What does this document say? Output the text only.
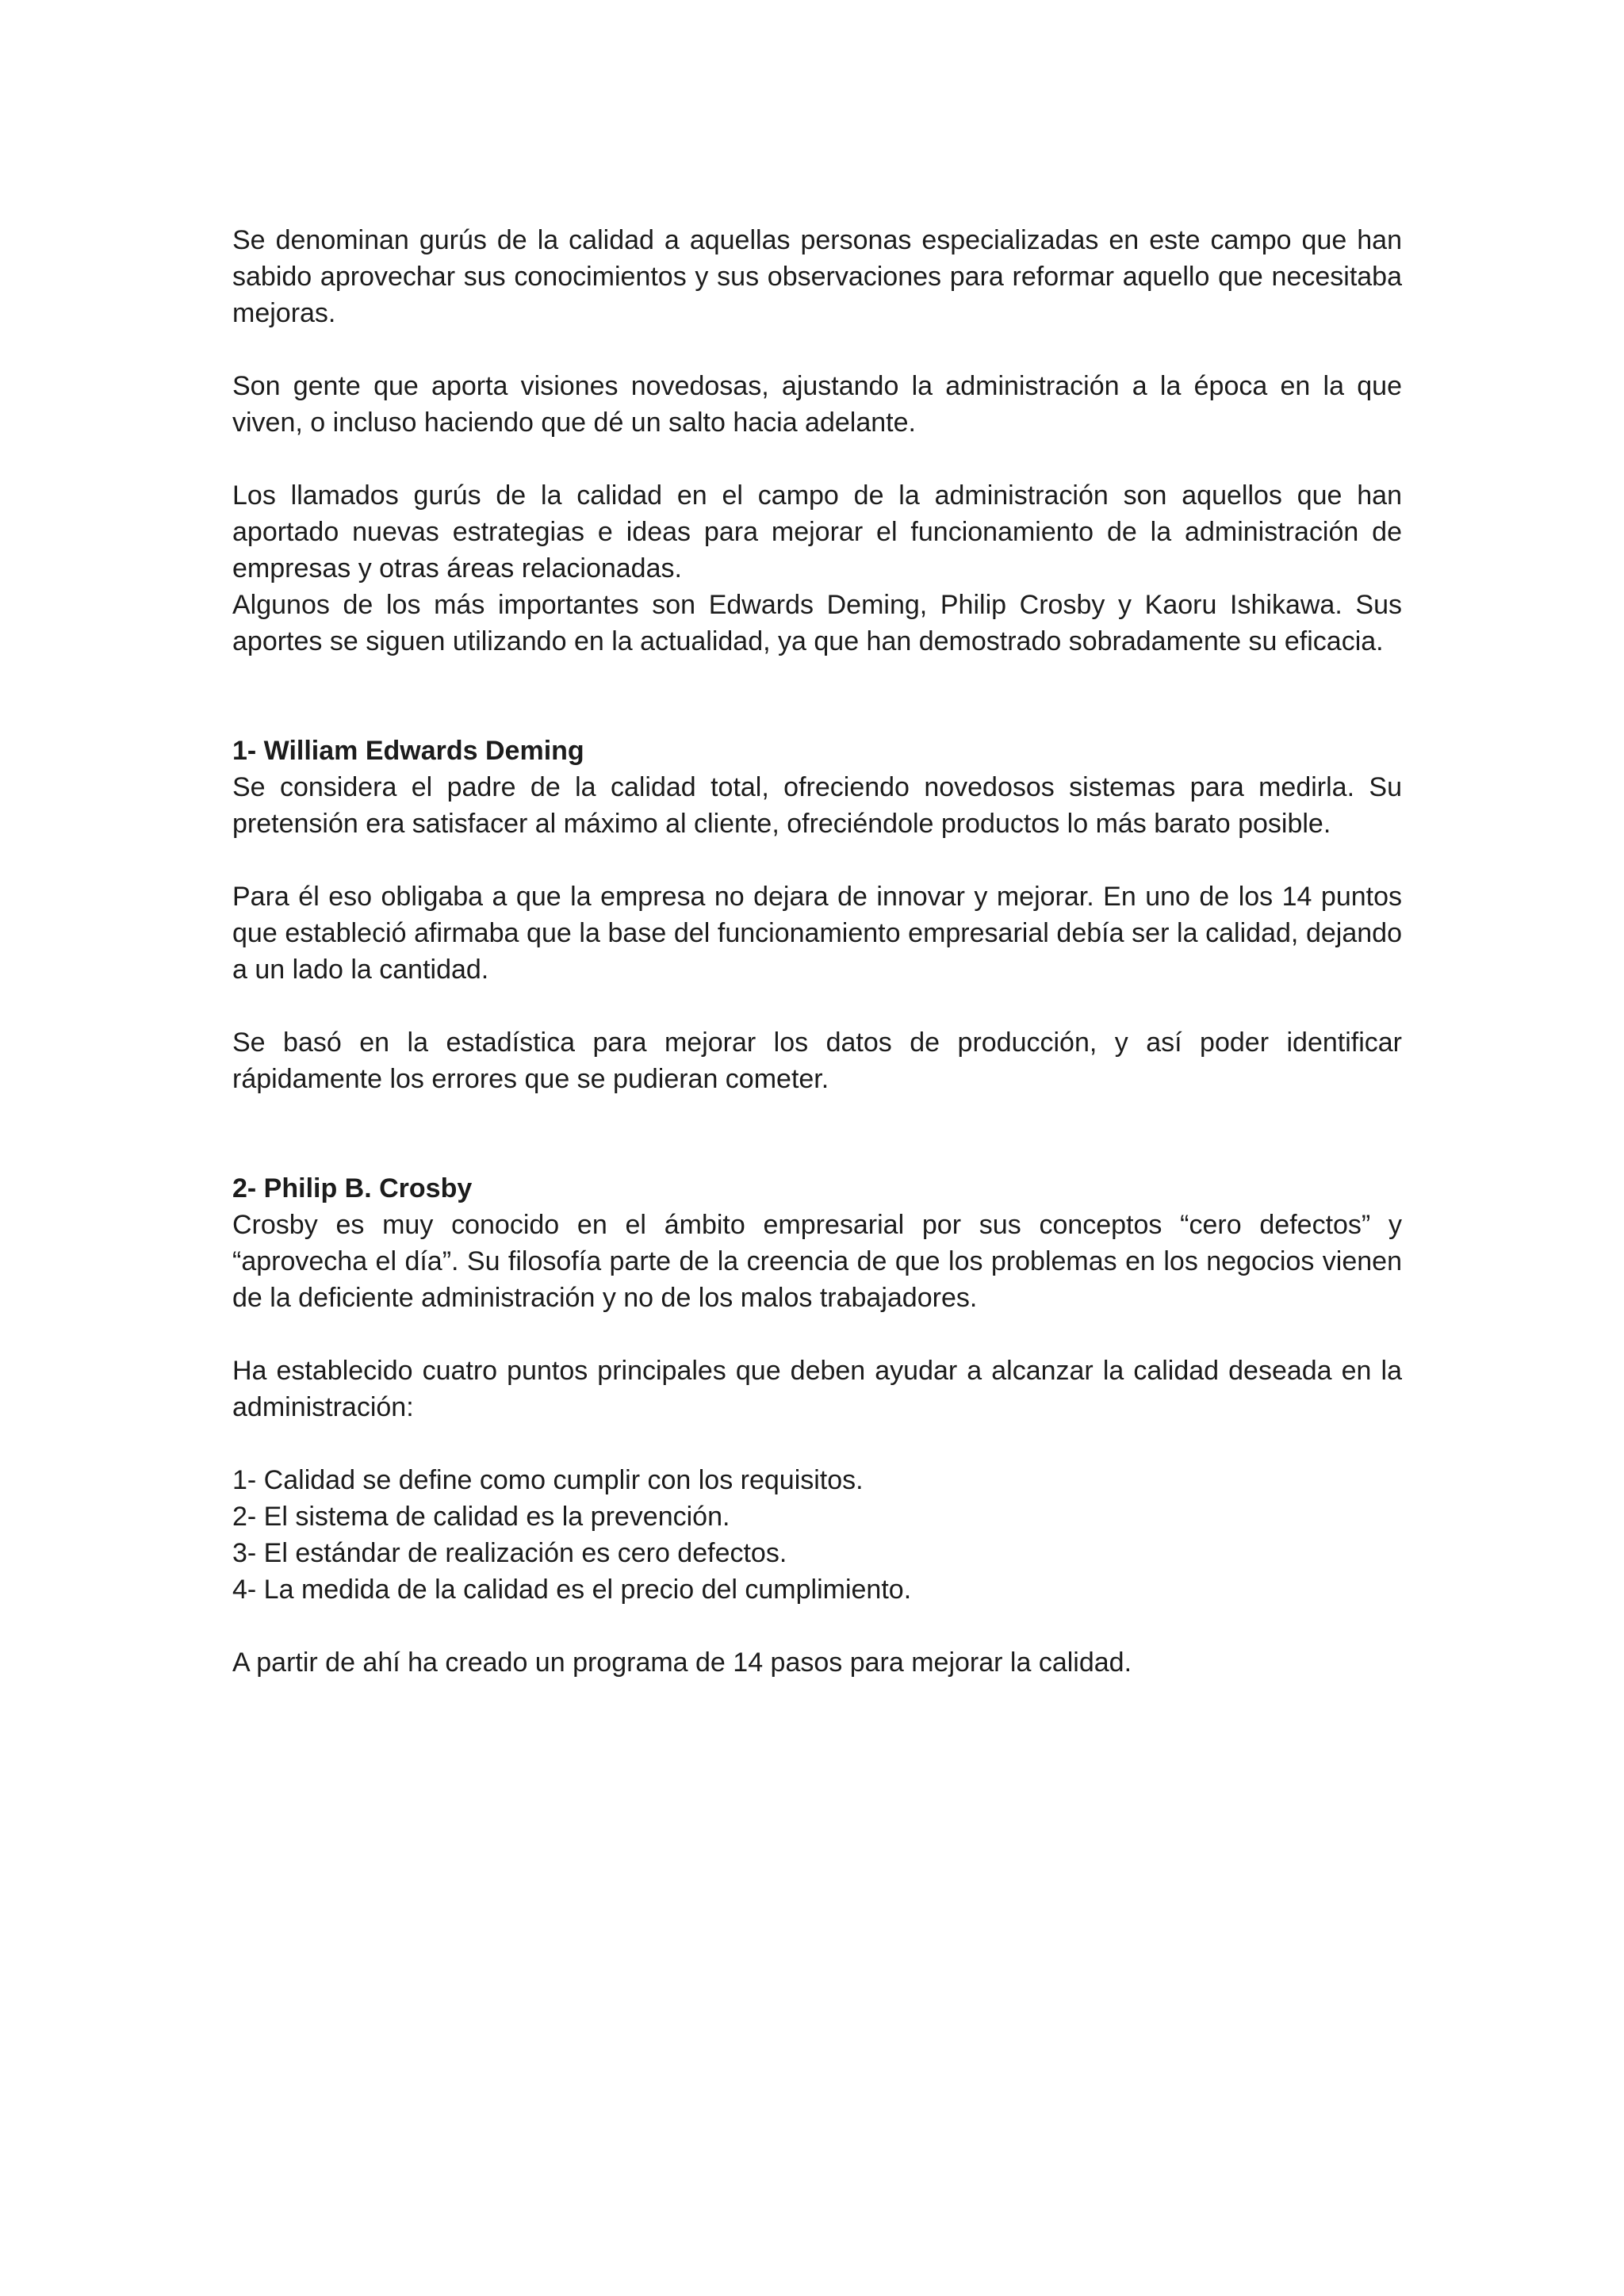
Se denominan gurús de la calidad a aquellas personas especializadas en este campo que han sabido aprovechar sus conocimientos y sus observaciones para reformar aquello que necesitaba mejoras.

Son gente que aporta visiones novedosas, ajustando la administración a la época en la que viven, o incluso haciendo que dé un salto hacia adelante.

Los llamados gurús de la calidad en el campo de la administración son aquellos que han aportado nuevas estrategias e ideas para mejorar el funcionamiento de la administración de empresas y otras áreas relacionadas.

Algunos de los más importantes son Edwards Deming, Philip Crosby y Kaoru Ishikawa. Sus aportes se siguen utilizando en la actualidad, ya que han demostrado sobradamente su eficacia.

1- William Edwards Deming

Se considera el padre de la calidad total, ofreciendo novedosos sistemas para medirla. Su pretensión era satisfacer al máximo al cliente, ofreciéndole productos lo más barato posible.

Para él eso obligaba a que la empresa no dejara de innovar y mejorar. En uno de los 14 puntos que estableció afirmaba que la base del funcionamiento empresarial debía ser la calidad, dejando a un lado la cantidad.

Se basó en la estadística para mejorar los datos de producción, y así poder identificar rápidamente los errores que se pudieran cometer.

2- Philip B. Crosby

Crosby es muy conocido en el ámbito empresarial por sus conceptos “cero defectos” y “aprovecha el día”. Su filosofía parte de la creencia de que los problemas en los negocios vienen de la deficiente administración y no de los malos trabajadores.

Ha establecido cuatro puntos principales que deben ayudar a alcanzar la calidad deseada en la administración:

1- Calidad se define como cumplir con los requisitos.
2- El sistema de calidad es la prevención.
3- El estándar de realización es cero defectos.
4- La medida de la calidad es el precio del cumplimiento.

A partir de ahí ha creado un programa de 14 pasos para mejorar la calidad.
